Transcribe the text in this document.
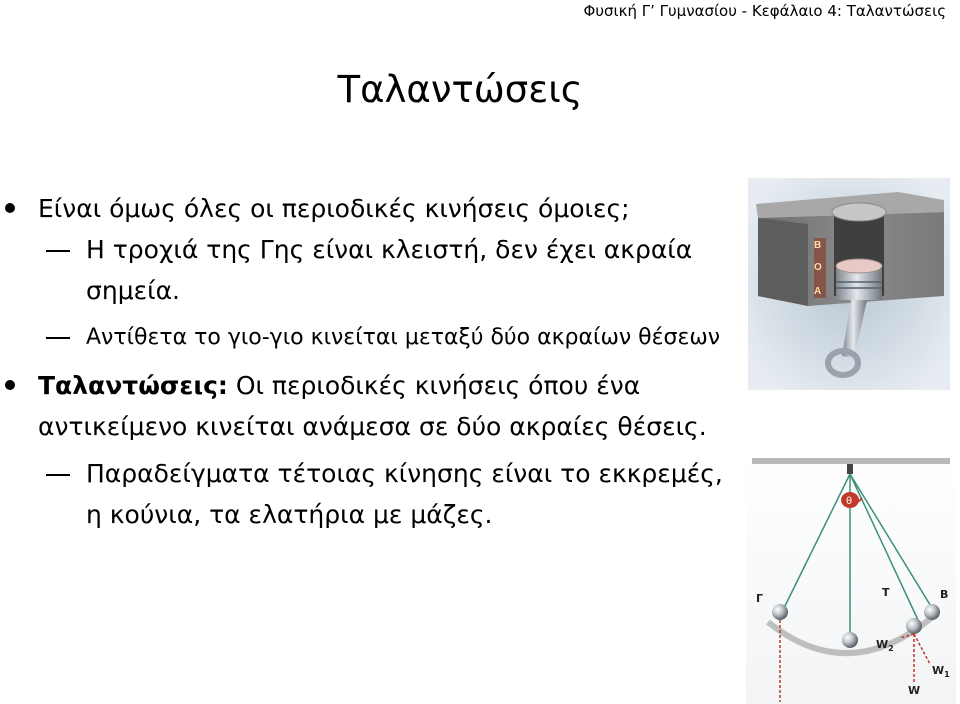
Φυσική Γ’ Γυμνασίου - Κεφάλαιο 4: Ταλαντώσεις
Ταλαντώσεις
Είναι όμως όλες οι περιοδικές κινήσεις όμοιες;
Η τροχιά της Γης είναι κλειστή, δεν έχει ακραία σημεία.
Αντίθετα το γιο-γιο κινείται μεταξύ δύο ακραίων θέσεων
Ταλαντώσεις: Οι περιοδικές κινήσεις όπου ένα αντικείμενο κινείται ανάμεσα σε δύο ακραίες θέσεις.
Παραδείγματα τέτοιας κίνησης είναι το εκκρεμές, η κούνια, τα ελατήρια με μάζες.
B
O
A
θ
Γ	T	B
$W_2$
$W_1$
W
